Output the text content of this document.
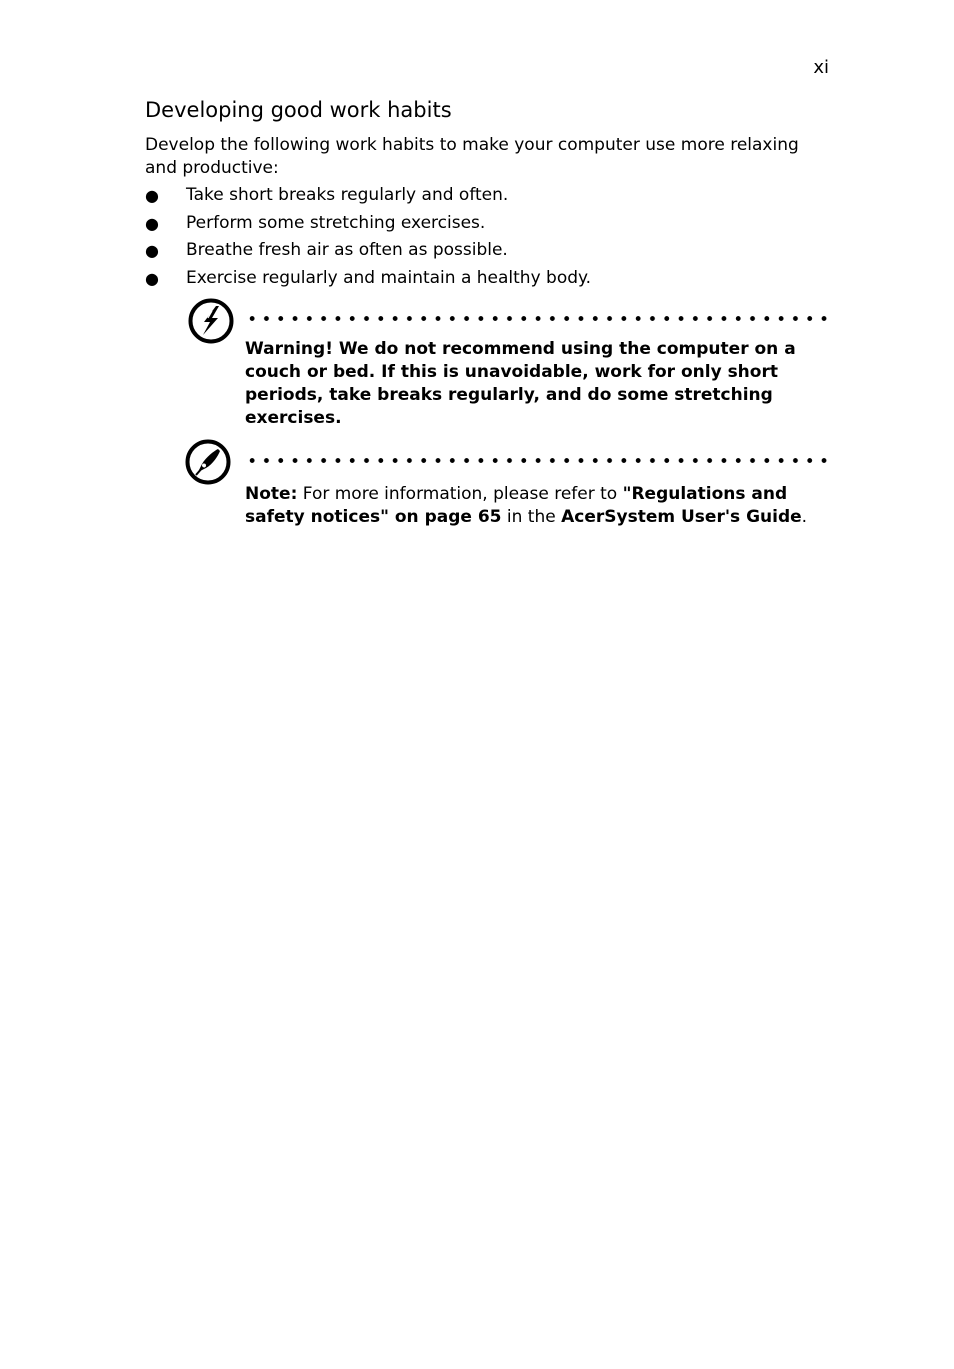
xi
Developing good work habits

Develop the following work habits to make your computer use more relaxing and productive:

● Take short breaks regularly and often.
● Perform some stretching exercises.
● Breathe fresh air as often as possible.
● Exercise regularly and maintain a healthy body.

Warning! We do not recommend using the computer on a couch or bed. If this is unavoidable, work for only short periods, take breaks regularly, and do some stretching exercises.

Note: For more information, please refer to "Regulations and safety notices" on page 65 in the AcerSystem User's Guide.
